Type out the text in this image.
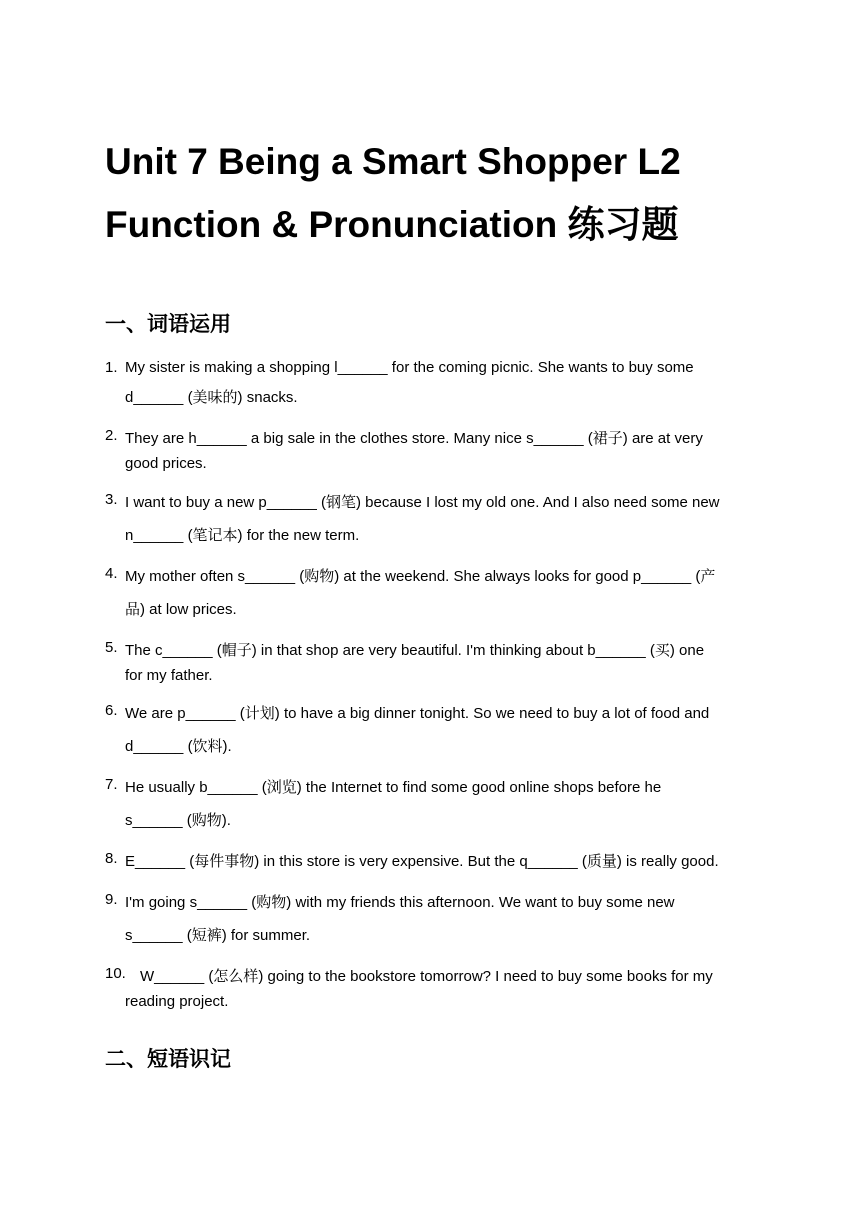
Unit 7 Being a Smart Shopper L2
Function & Pronunciation 练习题
一、词语运用
1. My sister is making a shopping l______ for the coming picnic. She wants to buy some
d______ (美味的) snacks.
2. They are h______ a big sale in the clothes store. Many nice s______ (裙子) are at very
good prices.
3. I want to buy a new p______ (钢笔) because I lost my old one. And I also need some new
n______ (笔记本) for the new term.
4. My mother often s______ (购物) at the weekend. She always looks for good p______ (产
品) at low prices.
5. The c______ (帽子) in that shop are very beautiful. I'm thinking about b______ (买) one
for my father.
6. We are p______ (计划) to have a big dinner tonight. So we need to buy a lot of food and
d______ (饮料).
7. He usually b______ (浏览) the Internet to find some good online shops before he
s______ (购物).
8. E______ (每件事物) in this store is very expensive. But the q______ (质量) is really good.
9. I'm going s______ (购物) with my friends this afternoon. We want to buy some new
s______ (短裤) for summer.
10. W______ (怎么样) going to the bookstore tomorrow? I need to buy some books for my
reading project.
二、短语识记
